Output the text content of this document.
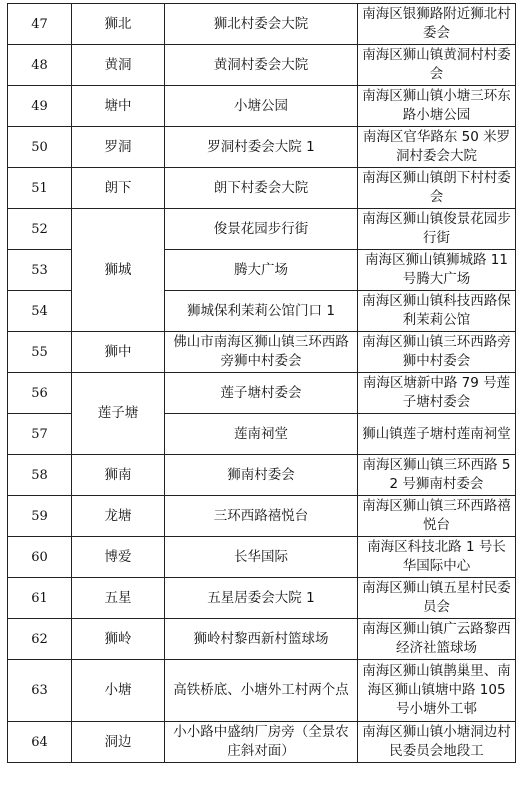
47	狮北	狮北村委会大院	南海区银狮路附近狮北村委会
48	黄洞	黄洞村委会大院	南海区狮山镇黄洞村村委会
49	塘中	小塘公园	南海区狮山镇小塘三环东路小塘公园
50	罗洞	罗洞村委会大院 1	南海区官华路东 50 米罗洞村委会大院
51	朗下	朗下村委会大院	南海区狮山镇朗下村村委会
52	狮城	俊景花园步行街	南海区狮山镇俊景花园步行街
53		腾大广场	南海区狮山镇狮城路 11 号腾大广场
54		狮城保利茉莉公馆门口 1	南海区狮山镇科技西路保利茉莉公馆
55	狮中	佛山市南海区狮山镇三环西路旁狮中村委会	南海区狮山镇三环西路旁狮中村委会
56	莲子塘	莲子塘村委会	南海区塘新中路 79 号莲子塘村委会
57		莲南祠堂	狮山镇莲子塘村莲南祠堂
58	狮南	狮南村委会	南海区狮山镇三环西路 52 号狮南村委会
59	龙塘	三环西路禧悦台	南海区狮山镇三环西路禧悦台
60	博爱	长华国际	南海区科技北路 1 号长华国际中心
61	五星	五星居委会大院 1	南海区狮山镇五星村民委员会
62	狮岭	狮岭村黎西新村篮球场	南海区狮山镇广云路黎西经济社篮球场
63	小塘	高铁桥底、小塘外工村两个点	南海区狮山镇鹊巢里、南海区狮山镇塘中路 105 号小塘外工邨
64	洞边	小小路中盛纳厂房旁（全景农庄斜对面）	南海区狮山镇小塘洞边村民委员会地段工
